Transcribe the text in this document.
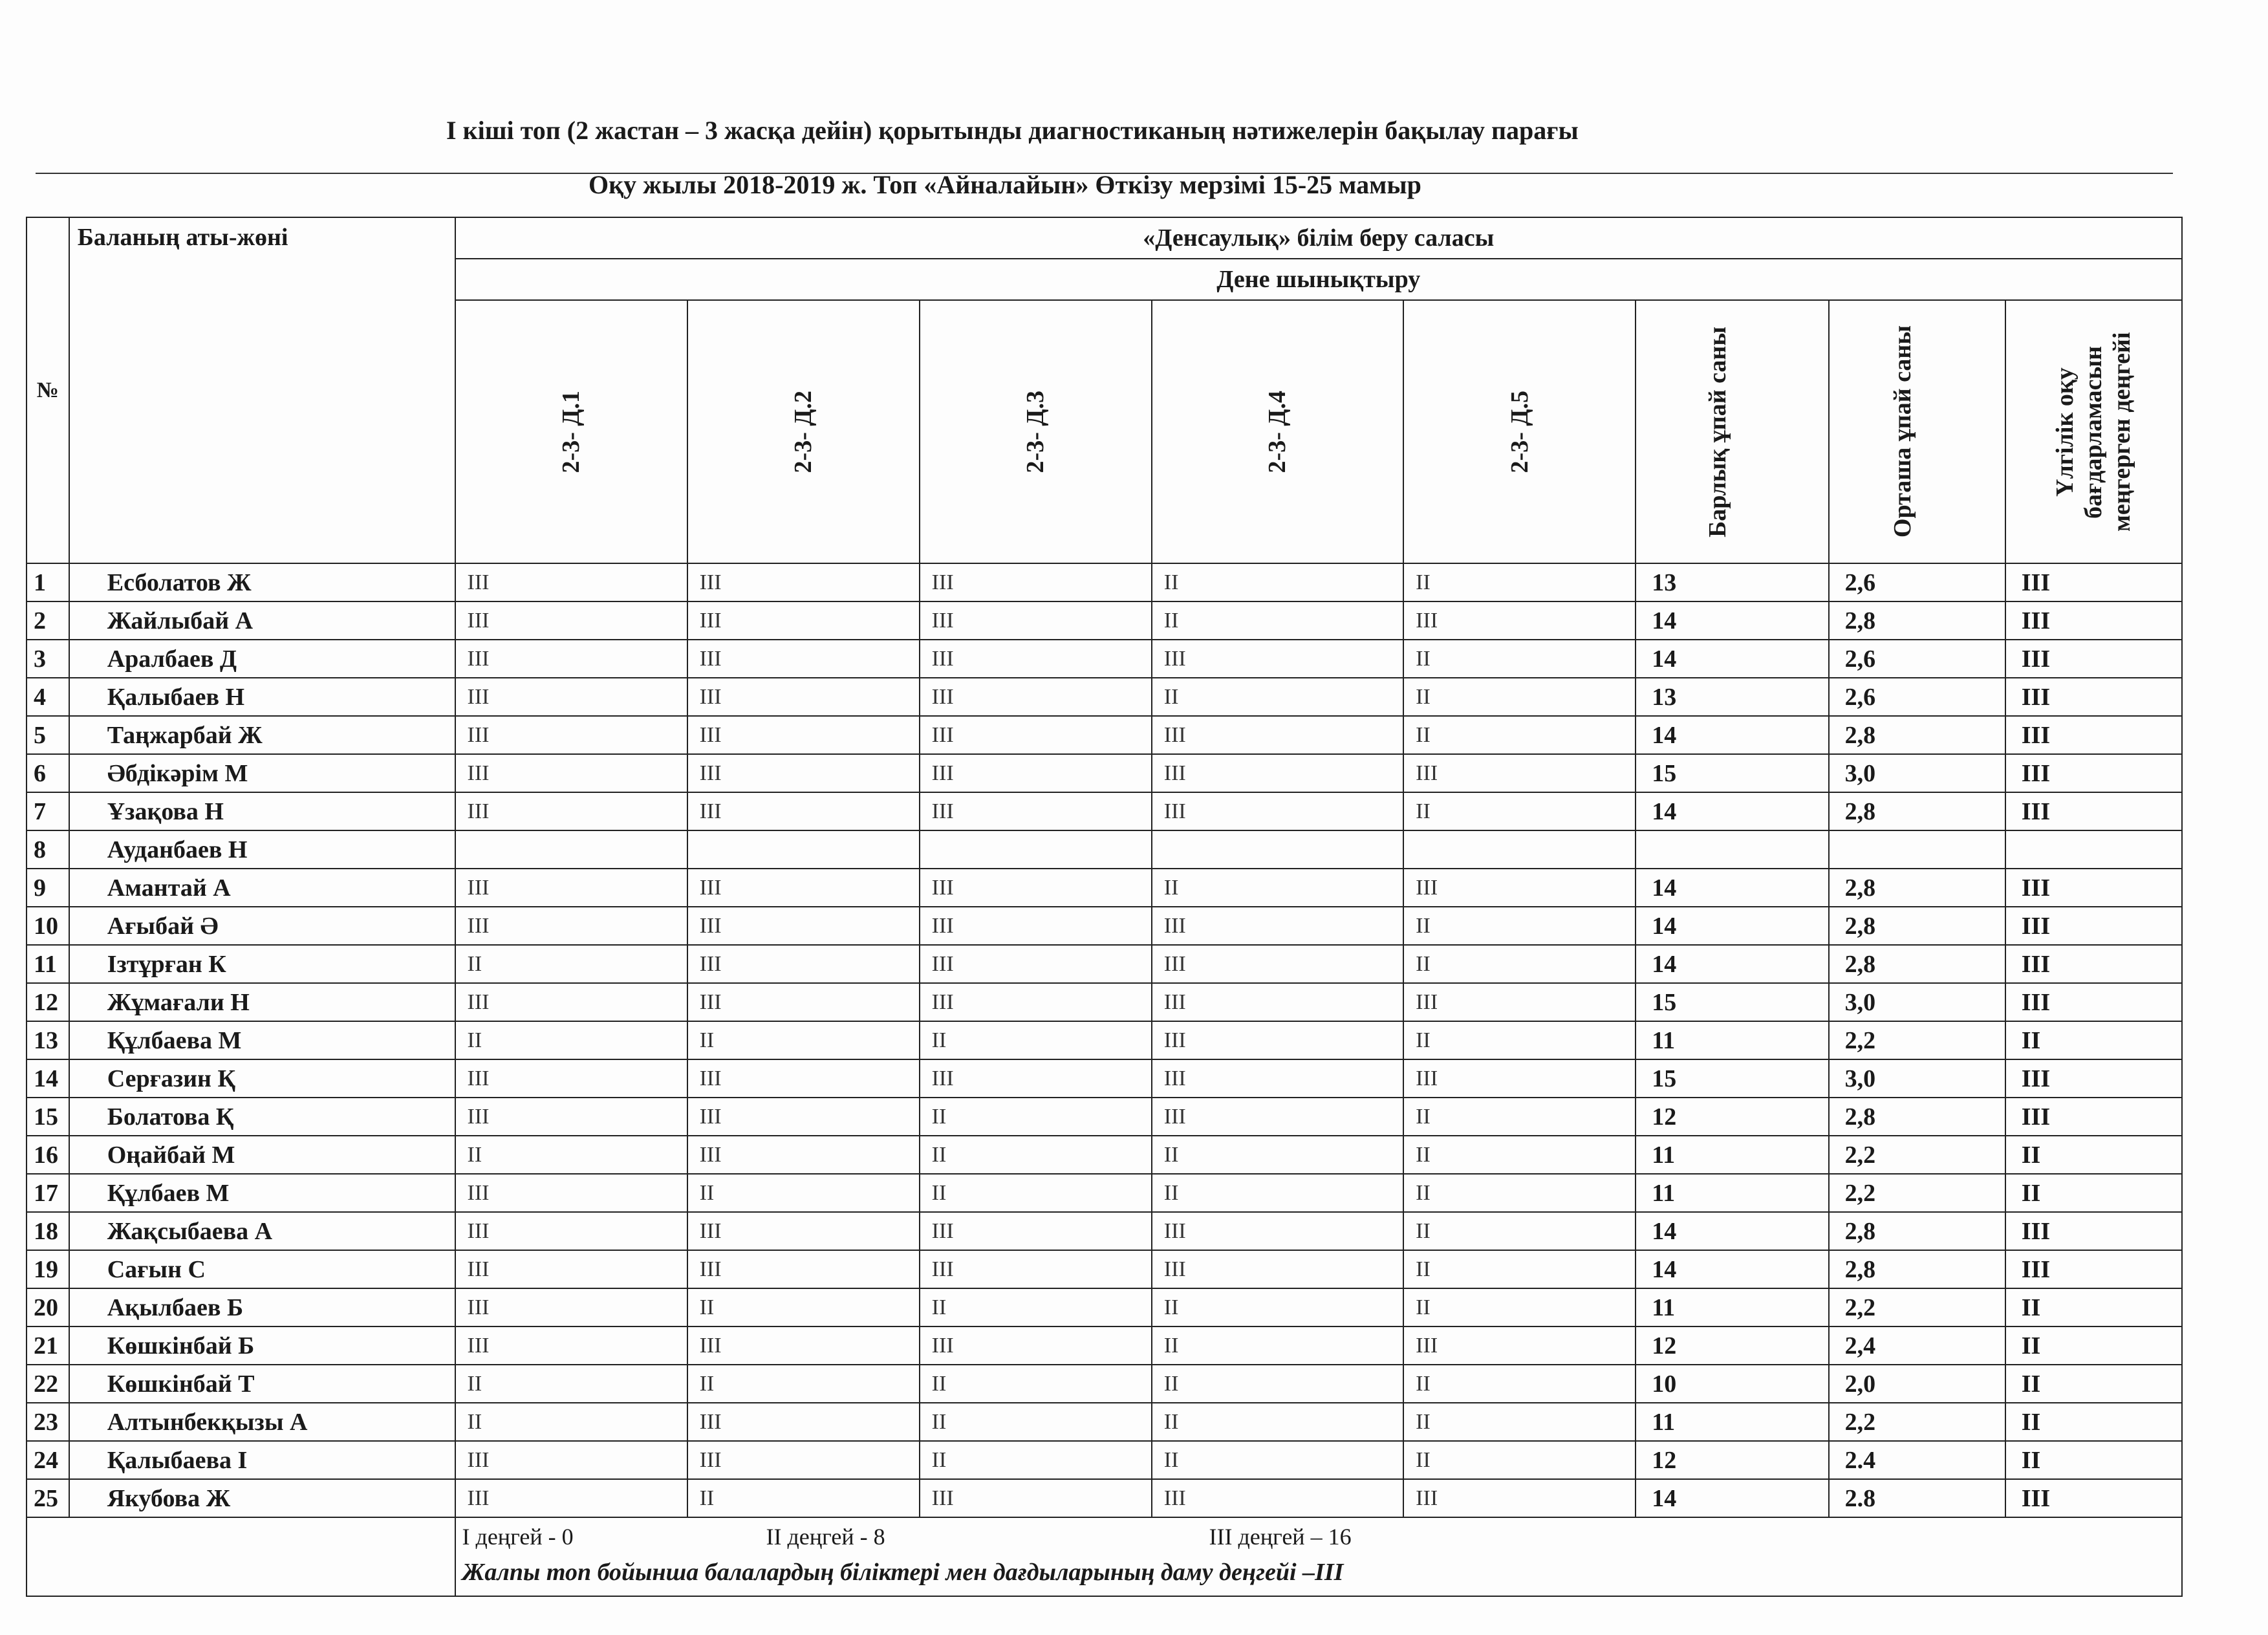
І кіші топ (2 жастан – 3 жасқа дейін) қорытынды диагностиканың нәтижелерін бақылау парағы
Оқу жылы 2018-2019 ж. Топ «Айналайын» Өткізу мерзімі 15-25 мамыр
№	Баланың аты-жөні	«Денсаулық» білім беру саласы							
		Дене шынықтыру							

		2-3- Д.1	2-3- Д.2	2-3- Д.3	2-3- Д.4	2-3- Д.5	Барлық ұпай саны	Орташа ұпай саны	Үлгілік оқу бағдарламасын меңгерген деңгейі

1	Есболатов Ж	III	III	III	II	II	13	2,6	III
2	Жайлыбай А	III	III	III	II	III	14	2,8	III
3	Аралбаев Д	III	III	III	III	II	14	2,6	III
4	Қалыбаев Н	III	III	III	II	II	13	2,6	III
5	Таңжарбай Ж	III	III	III	III	II	14	2,8	III
6	Әбдікәрім М	III	III	III	III	III	15	3,0	III
7	Ұзақова Н	III	III	III	III	II	14	2,8	III
8	Ауданбаев Н								
9	Амантай А	III	III	III	II	III	14	2,8	III
10	Ағыбай Ә	III	III	III	III	II	14	2,8	III
11	Ізтұрған К	II	III	III	III	II	14	2,8	III
12	Жұмағали Н	III	III	III	III	III	15	3,0	III
13	Құлбаева М	II	II	II	III	II	11	2,2	II
14	Серғазин Қ	III	III	III	III	III	15	3,0	III
15	Болатова Қ	III	III	II	III	II	12	2,8	III
16	Оңайбай М	II	III	II	II	II	11	2,2	II
17	Құлбаев М	III	II	II	II	II	11	2,2	II
18	Жақсыбаева А	III	III	III	III	II	14	2,8	III
19	Сағын С	III	III	III	III	II	14	2,8	III
20	Ақылбаев Б	III	II	II	II	II	11	2,2	II
21	Көшкінбай Б	III	III	III	II	III	12	2,4	II
22	Көшкінбай Т	II	II	II	II	II	10	2,0	II
23	Алтынбекқызы А	II	III	II	II	II	11	2,2	II
24	Қалыбаева І	III	III	II	II	II	12	2.4	II
25	Якубова Ж	III	II	III	III	III	14	2.8	III

		І деңгей - 0 ІІ деңгей - 8 ІІІ деңгей – 16
Жалпы топ бойынша балалардың біліктері мен дағдыларының даму деңгейі –ІІІ							
